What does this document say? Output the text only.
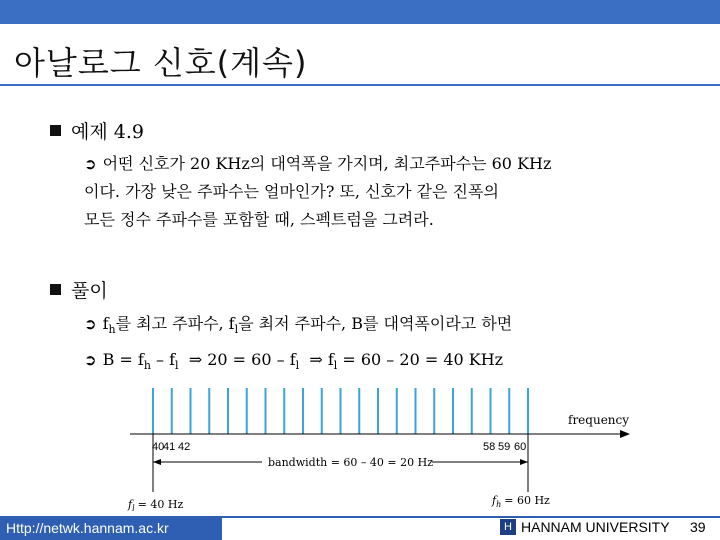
아날로그 신호(계속)
예제 4.9
➲ 어떤 신호가 20 KHz의 대역폭을 가지며, 최고주파수는 60 KHz
이다. 가장 낮은 주파수는 얼마인가? 또, 신호가 같은 진폭의
모든 정수 주파수를 포함할 때, 스펙트럼을 그려라.
풀이
➲ $f_h$를 최고 주파수, $f_l$을 최저 주파수, B를 대역폭이라고 하면
➲ $B = f_h - f_l$ ⇒ $20 = 60 - f_l$ ⇒ $f_l = 60 - 20 = 40$ KHz
frequency
40
41 42	58 59 60
bandwidth = 60 – 40 = 20 Hz
$f_l = 40$ Hz	$f_h = 60$ Hz
Http://netwk.hannam.ac.kr	H HANNAM UNIVERSITY 39
